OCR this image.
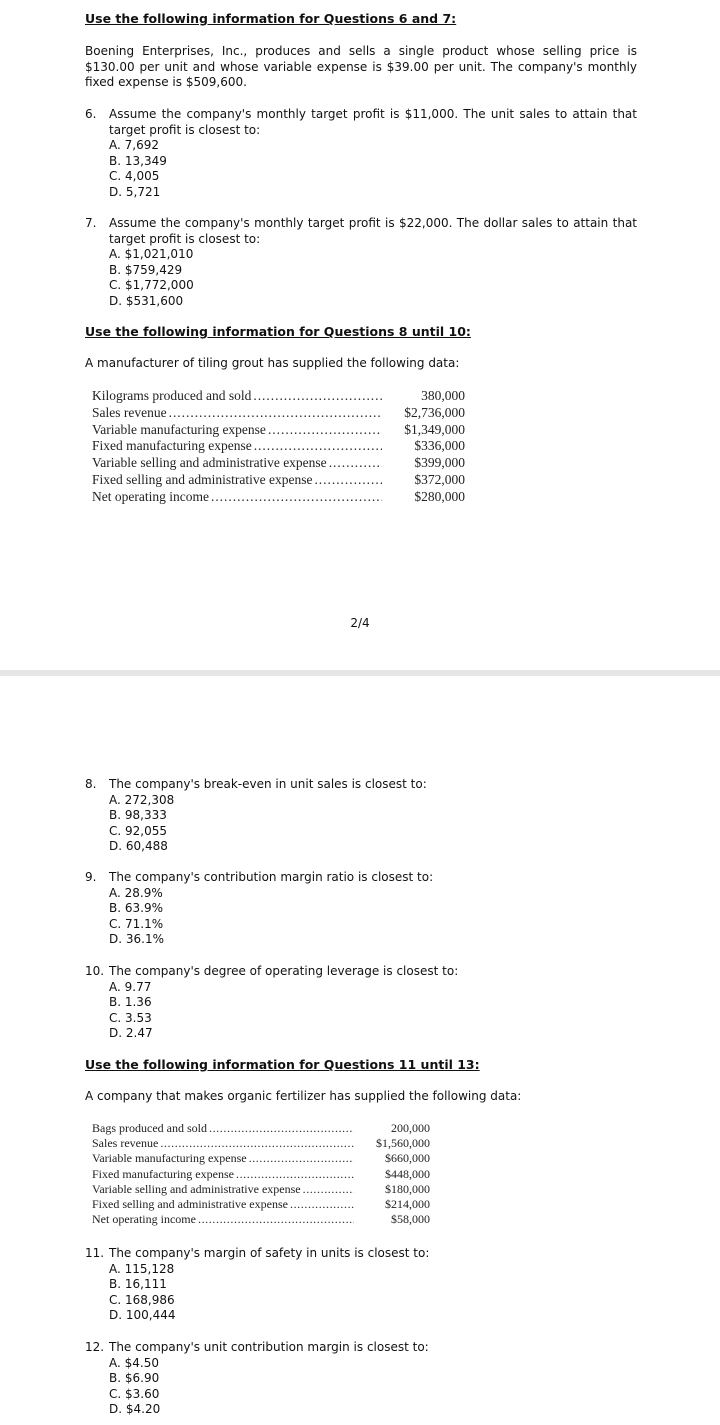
Use the following information for Questions 6 and 7:
Boening Enterprises, Inc., produces and sells a single product whose selling price is $130.00 per unit and whose variable expense is $39.00 per unit. The company's monthly fixed expense is $509,600.
6. Assume the company's monthly target profit is $11,000. The unit sales to attain that target profit is closest to:
A. 7,692
B. 13,349
C. 4,005
D. 5,721
7. Assume the company's monthly target profit is $22,000. The dollar sales to attain that target profit is closest to:
A. $1,021,010
B. $759,429
C. $1,772,000
D. $531,600
Use the following information for Questions 8 until 10:
A manufacturer of tiling grout has supplied the following data:
Kilograms produced and sold . . .	380,000
Sales revenue . . .	$2,736,000
Variable manufacturing expense . . .	$1,349,000
Fixed manufacturing expense . . .	$336,000
Variable selling and administrative expense . . .	$399,000
Fixed selling and administrative expense . . .	$372,000
Net operating income . . .	$280,000
2/4
8. The company's break-even in unit sales is closest to:
A. 272,308
B. 98,333
C. 92,055
D. 60,488
9. The company's contribution margin ratio is closest to:
A. 28.9%
B. 63.9%
C. 71.1%
D. 36.1%
10. The company's degree of operating leverage is closest to:
A. 9.77
B. 1.36
C. 3.53
D. 2.47
Use the following information for Questions 11 until 13:
A company that makes organic fertilizer has supplied the following data:
Bags produced and sold . . .	200,000
Sales revenue . . .	$1,560,000
Variable manufacturing expense . . .	$660,000
Fixed manufacturing expense . . .	$448,000
Variable selling and administrative expense . . .	$180,000
Fixed selling and administrative expense . . .	$214,000
Net operating income . . .	$58,000
11. The company's margin of safety in units is closest to:
A. 115,128
B. 16,111
C. 168,986
D. 100,444
12. The company's unit contribution margin is closest to:
A. $4.50
B. $6.90
C. $3.60
D. $4.20
